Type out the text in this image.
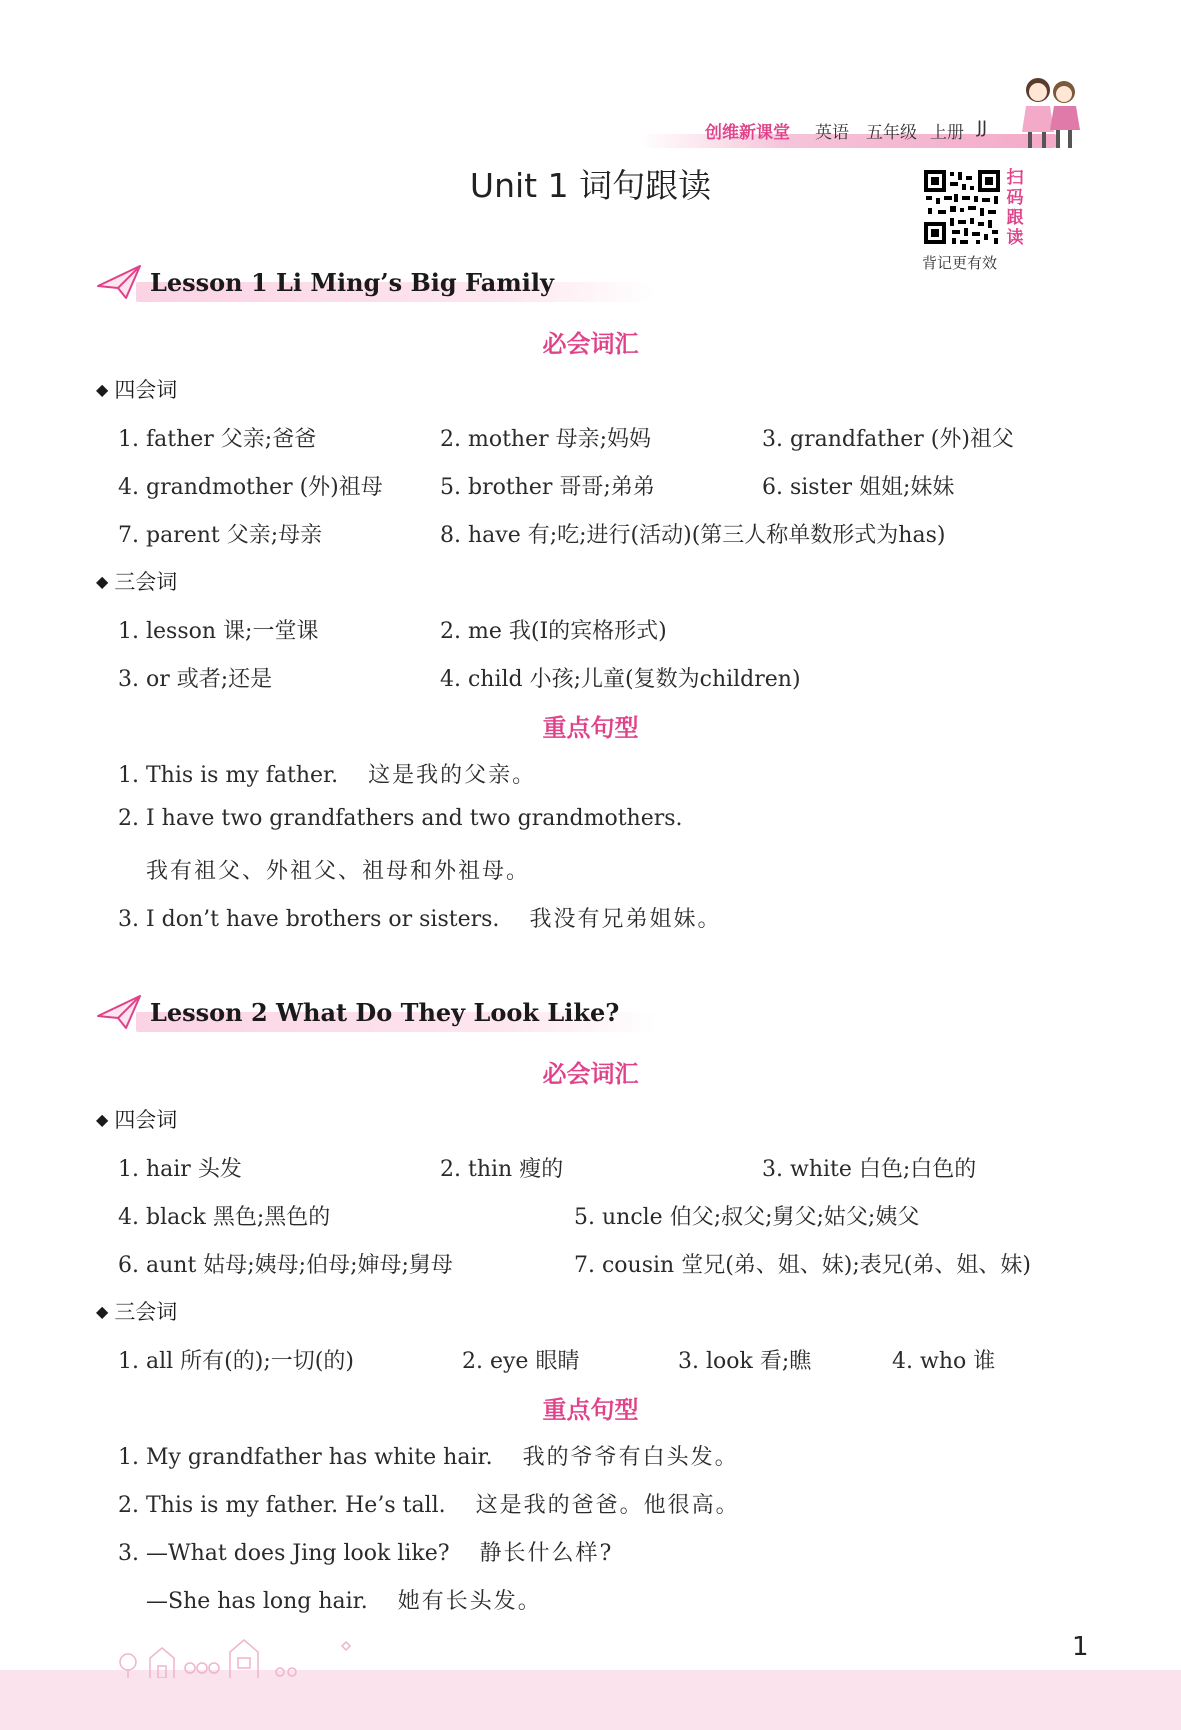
创维新课堂 英语 五年级 上册 JJ
Unit 1 词句跟读	扫码跟读
背记更有效
Lesson 1 Li Ming’s Big Family
必会词汇
◆ 四会词
1. father 父亲;爸爸	2. mother 母亲;妈妈	3. grandfather (外)祖父
4. grandmother (外)祖母	5. brother 哥哥;弟弟	6. sister 姐姐;妹妹
7. parent 父亲;母亲	8. have 有;吃;进行(活动)(第三人称单数形式为has)
◆ 三会词
1. lesson 课;一堂课	2. me 我(I的宾格形式)
3. or 或者;还是	4. child 小孩;儿童(复数为children)
重点句型
1. This is my father. 这是我的父亲。
2. I have two grandfathers and two grandmothers.
我有祖父、外祖父、祖母和外祖母。
3. I don’t have brothers or sisters. 我没有兄弟姐妹。
Lesson 2 What Do They Look Like?
必会词汇
◆ 四会词
1. hair 头发	2. thin 瘦的	3. white 白色;白色的
4. black 黑色;黑色的	5. uncle 伯父;叔父;舅父;姑父;姨父
6. aunt 姑母;姨母;伯母;婶母;舅母	7. cousin 堂兄(弟、姐、妹);表兄(弟、姐、妹)
◆ 三会词
1. all 所有(的);一切(的)	2. eye 眼睛	3. look 看;瞧	4. who 谁
重点句型
1. My grandfather has white hair. 我的爷爷有白头发。
2. This is my father. He’s tall. 这是我的爸爸。他很高。
3. —What does Jing look like? 静长什么样?
—She has long hair. 她有长头发。
1
